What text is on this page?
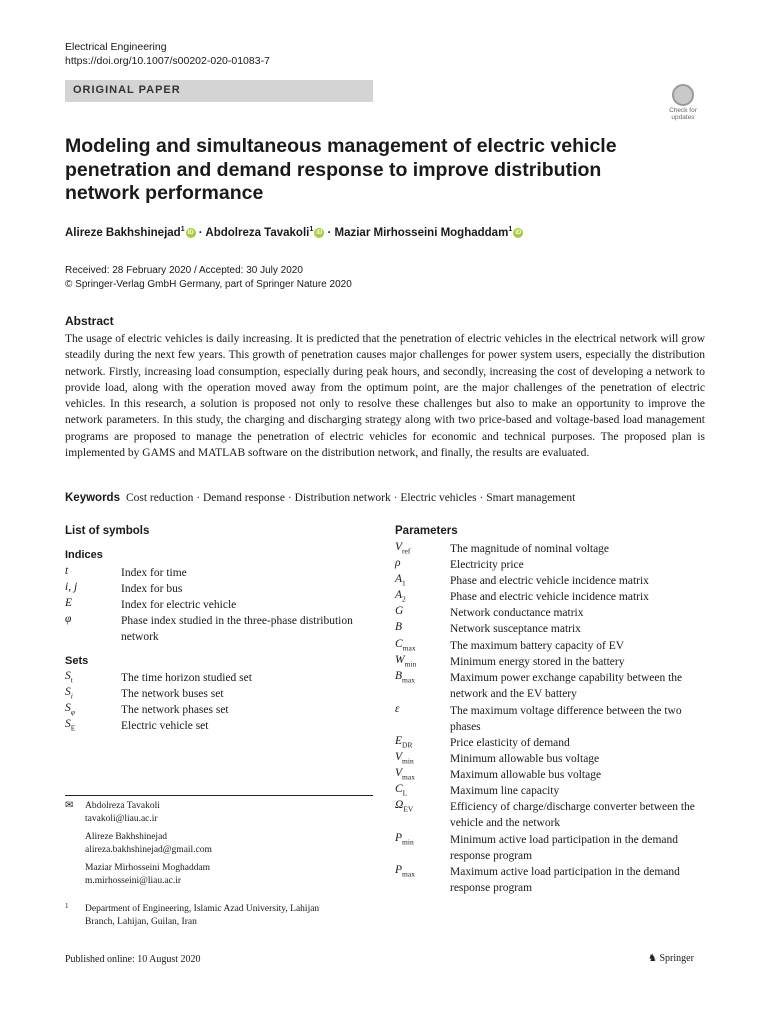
Electrical Engineering
https://doi.org/10.1007/s00202-020-01083-7
ORIGINAL PAPER
Check for updates
Modeling and simultaneous management of electric vehicle penetration and demand response to improve distribution network performance
Alireze Bakhshinejad$^1$ iD · Abdolreza Tavakoli$^1$ iD · Maziar Mirhosseini Moghaddam$^1$ iD
Received: 28 February 2020 / Accepted: 30 July 2020
© Springer-Verlag GmbH Germany, part of Springer Nature 2020
Abstract
The usage of electric vehicles is daily increasing. It is predicted that the penetration of electric vehicles in the electrical network will grow steadily during the next few years. This growth of penetration causes major challenges for power system users, especially the distribution network. Firstly, increasing load consumption, especially during peak hours, and secondly, increasing the cost of developing a network to provide load, along with the operation moved away from the optimum point, are the major challenges of the penetration of electric vehicles. In this research, a solution is proposed not only to resolve these challenges but also to make an opportunity to improve the network parameters. In this study, the charging and discharging strategy along with two price-based and voltage-based load management programs are proposed to manage the penetration of electric vehicles for economic and technical purposes. The proposed plan is implemented by GAMS and MATLAB software on the distribution network, and finally, the results are evaluated.
Keywords Cost reduction · Demand response · Distribution network · Electric vehicles · Smart management
List of symbols
Indices
t	Index for time
i, j	Index for bus
E	Index for electric vehicle
φ	Phase index studied in the three-phase distribution network
Sets
$S_t$	The time horizon studied set
$S_i$	The network buses set
$S_\varphi$	The network phases set
$S_E$	Electric vehicle set
Parameters
$V_{ref}$	The magnitude of nominal voltage
ρ	Electricity price
$A_1$	Phase and electric vehicle incidence matrix
$A_2$	Phase and electric vehicle incidence matrix
G	Network conductance matrix
B	Network susceptance matrix
$C_{max}$	The maximum battery capacity of EV
$W_{min}$	Minimum energy stored in the battery
$B_{max}$	Maximum power exchange capability between the network and the EV battery
ε	The maximum voltage difference between the two phases
$E_{DR}$	Price elasticity of demand
$V_{min}$	Minimum allowable bus voltage
$V_{max}$	Maximum allowable bus voltage
$C_L$	Maximum line capacity
$\Omega_{EV}$	Efficiency of charge/discharge converter between the vehicle and the network
$P_{min}$	Minimum active load participation in the demand response program
$P_{max}$	Maximum active load participation in the demand response program
✉ Abdolreza Tavakoli
tavakoli@liau.ac.ir
Alireze Bakhshinejad
alireza.bakhshinejad@gmail.com
Maziar Mirhosseini Moghaddam
m.mirhosseini@liau.ac.ir
1	Department of Engineering, Islamic Azad University, Lahijan Branch, Lahijan, Guilan, Iran
Published online: 10 August 2020	♞ Springer
